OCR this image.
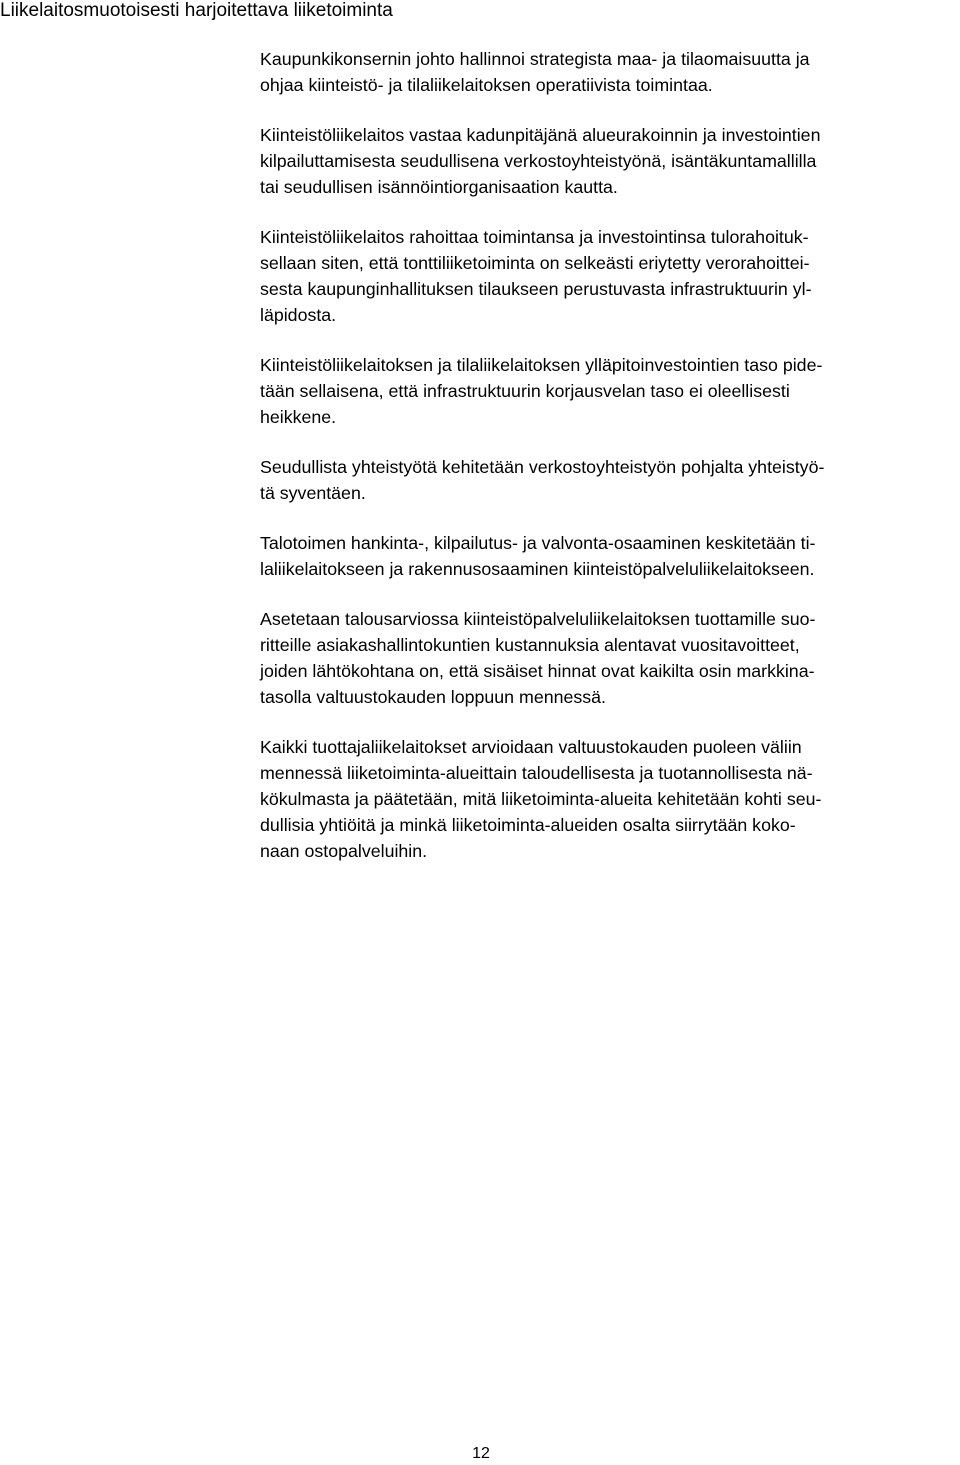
Liikelaitosmuotoisesti harjoitettava liiketoiminta

Kaupunkikonsernin johto hallinnoi strategista maa- ja tilaomaisuutta ja
ohjaa kiinteistö- ja tilaliikelaitoksen operatiivista toimintaa.

Kiinteistöliikelaitos vastaa kadunpitäjänä alueurakoinnin ja investointien
kilpailuttamisesta seudullisena verkostoyhteistyönä, isäntäkuntamallilla
tai seudullisen isännöintiorganisaation kautta.

Kiinteistöliikelaitos rahoittaa toimintansa ja investointinsa tulorahoituk-
sellaan siten, että tonttiliiketoiminta on selkeästi eriytetty verorahoittei-
sesta kaupunginhallituksen tilaukseen perustuvasta infrastruktuurin yl-
läpidosta.

Kiinteistöliikelaitoksen ja tilaliikelaitoksen ylläpitoinvestointien taso pide-
tään sellaisena, että infrastruktuurin korjausvelan taso ei oleellisesti
heikkene.

Seudullista yhteistyötä kehitetään verkostoyhteistyön pohjalta yhteistyö-
tä syventäen.

Talotoimen hankinta-, kilpailutus- ja valvonta-osaaminen keskitetään ti-
laliikelaitokseen ja rakennusosaaminen kiinteistöpalveluliikelaitokseen.

Asetetaan talousarviossa kiinteistöpalveluliikelaitoksen tuottamille suo-
ritteille asiakashallintokuntien kustannuksia alentavat vuositavoitteet,
joiden lähtökohtana on, että sisäiset hinnat ovat kaikilta osin markkina-
tasolla valtuustokauden loppuun mennessä.

Kaikki tuottajaliikelaitokset arvioidaan valtuustokauden puoleen väliin
mennessä liiketoiminta-alueittain taloudellisesta ja tuotannollisesta nä-
kökulmasta ja päätetään, mitä liiketoiminta-alueita kehitetään kohti seu-
dullisia yhtiöitä ja minkä liiketoiminta-alueiden osalta siirrytään koko-
naan ostopalveluihin.

12
